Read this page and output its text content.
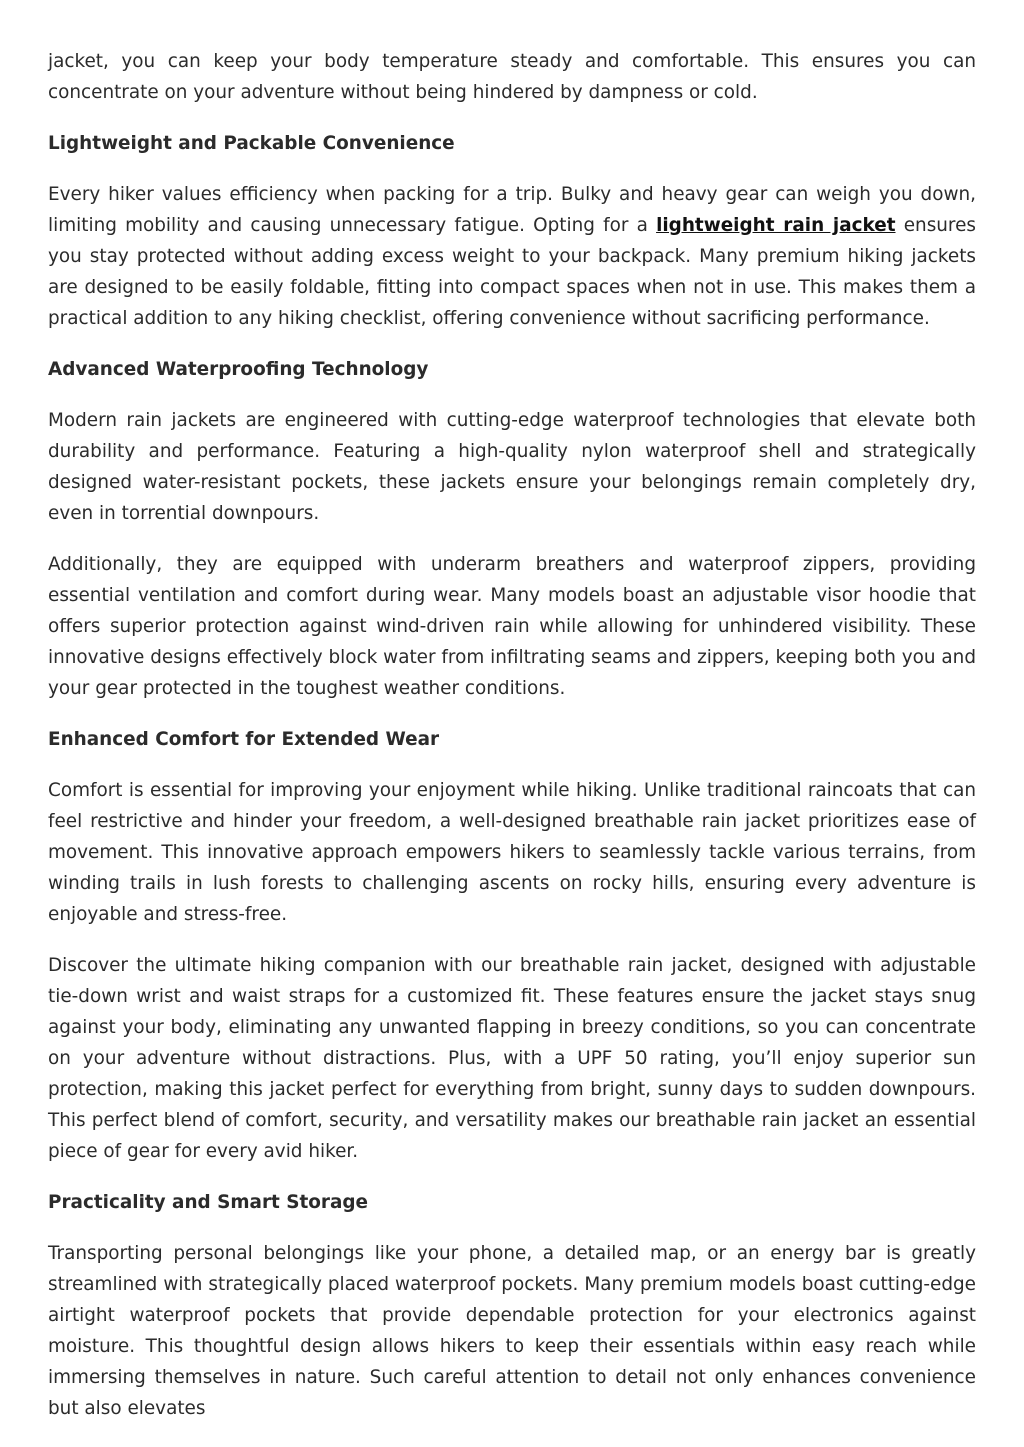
jacket, you can keep your body temperature steady and comfortable. This ensures you can concentrate on your adventure without being hindered by dampness or cold.

Lightweight and Packable Convenience

Every hiker values efficiency when packing for a trip. Bulky and heavy gear can weigh you down, limiting mobility and causing unnecessary fatigue. Opting for a lightweight rain jacket ensures you stay protected without adding excess weight to your backpack. Many premium hiking jackets are designed to be easily foldable, fitting into compact spaces when not in use. This makes them a practical addition to any hiking checklist, offering convenience without sacrificing performance.

Advanced Waterproofing Technology

Modern rain jackets are engineered with cutting-edge waterproof technologies that elevate both durability and performance. Featuring a high-quality nylon waterproof shell and strategically designed water-resistant pockets, these jackets ensure your belongings remain completely dry, even in torrential downpours.

Additionally, they are equipped with underarm breathers and waterproof zippers, providing essential ventilation and comfort during wear. Many models boast an adjustable visor hoodie that offers superior protection against wind-driven rain while allowing for unhindered visibility. These innovative designs effectively block water from infiltrating seams and zippers, keeping both you and your gear protected in the toughest weather conditions.

Enhanced Comfort for Extended Wear

Comfort is essential for improving your enjoyment while hiking. Unlike traditional raincoats that can feel restrictive and hinder your freedom, a well-designed breathable rain jacket prioritizes ease of movement. This innovative approach empowers hikers to seamlessly tackle various terrains, from winding trails in lush forests to challenging ascents on rocky hills, ensuring every adventure is enjoyable and stress-free.

Discover the ultimate hiking companion with our breathable rain jacket, designed with adjustable tie-down wrist and waist straps for a customized fit. These features ensure the jacket stays snug against your body, eliminating any unwanted flapping in breezy conditions, so you can concentrate on your adventure without distractions. Plus, with a UPF 50 rating, you’ll enjoy superior sun protection, making this jacket perfect for everything from bright, sunny days to sudden downpours. This perfect blend of comfort, security, and versatility makes our breathable rain jacket an essential piece of gear for every avid hiker.

Practicality and Smart Storage

Transporting personal belongings like your phone, a detailed map, or an energy bar is greatly streamlined with strategically placed waterproof pockets. Many premium models boast cutting-edge airtight waterproof pockets that provide dependable protection for your electronics against moisture. This thoughtful design allows hikers to keep their essentials within easy reach while immersing themselves in nature. Such careful attention to detail not only enhances convenience but also elevates
